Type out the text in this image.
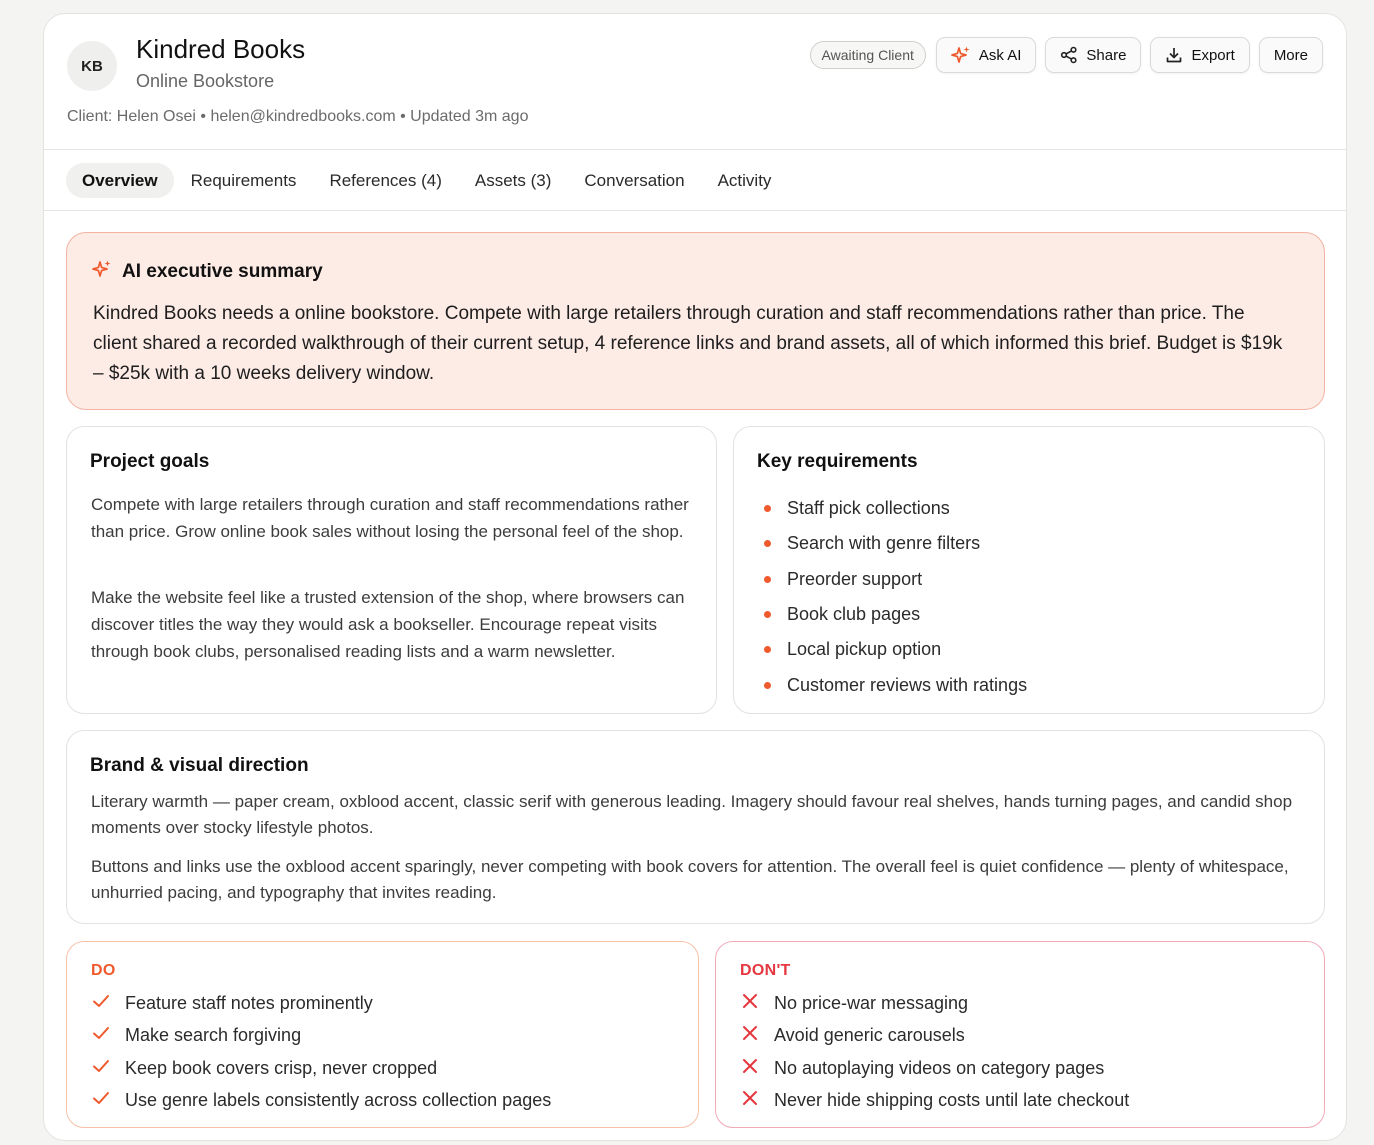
KB
Kindred Books
Online Bookstore
Client: Helen Osei • helen@kindredbooks.com • Updated 3m ago
Awaiting Client	Ask AI	Share	Export	More
Overview	Requirements	References (4)	Assets (3)	Conversation	Activity
AI executive summary
Kindred Books needs a online bookstore. Compete with large retailers through curation and staff recommendations rather than price. The client shared a recorded walkthrough of their current setup, 4 reference links and brand assets, all of which informed this brief. Budget is $19k – $25k with a 10 weeks delivery window.
Project goals

Compete with large retailers through curation and staff recommendations rather than price. Grow online book sales without losing the personal feel of the shop.

Make the website feel like a trusted extension of the shop, where browsers can discover titles the way they would ask a bookseller. Encourage repeat visits through book clubs, personalised reading lists and a warm newsletter.

Key requirements
Staff pick collections
Search with genre filters
Preorder support
Book club pages
Local pickup option
Customer reviews with ratings
Brand & visual direction

Literary warmth — paper cream, oxblood accent, classic serif with generous leading. Imagery should favour real shelves, hands turning pages, and candid shop moments over stocky lifestyle photos.

Buttons and links use the oxblood accent sparingly, never competing with book covers for attention. The overall feel is quiet confidence — plenty of whitespace, unhurried pacing, and typography that invites reading.

DO
Feature staff notes prominently
Make search forgiving
Keep book covers crisp, never cropped
Use genre labels consistently across collection pages
DON'T
No price-war messaging
Avoid generic carousels
No autoplaying videos on category pages
Never hide shipping costs until late checkout
